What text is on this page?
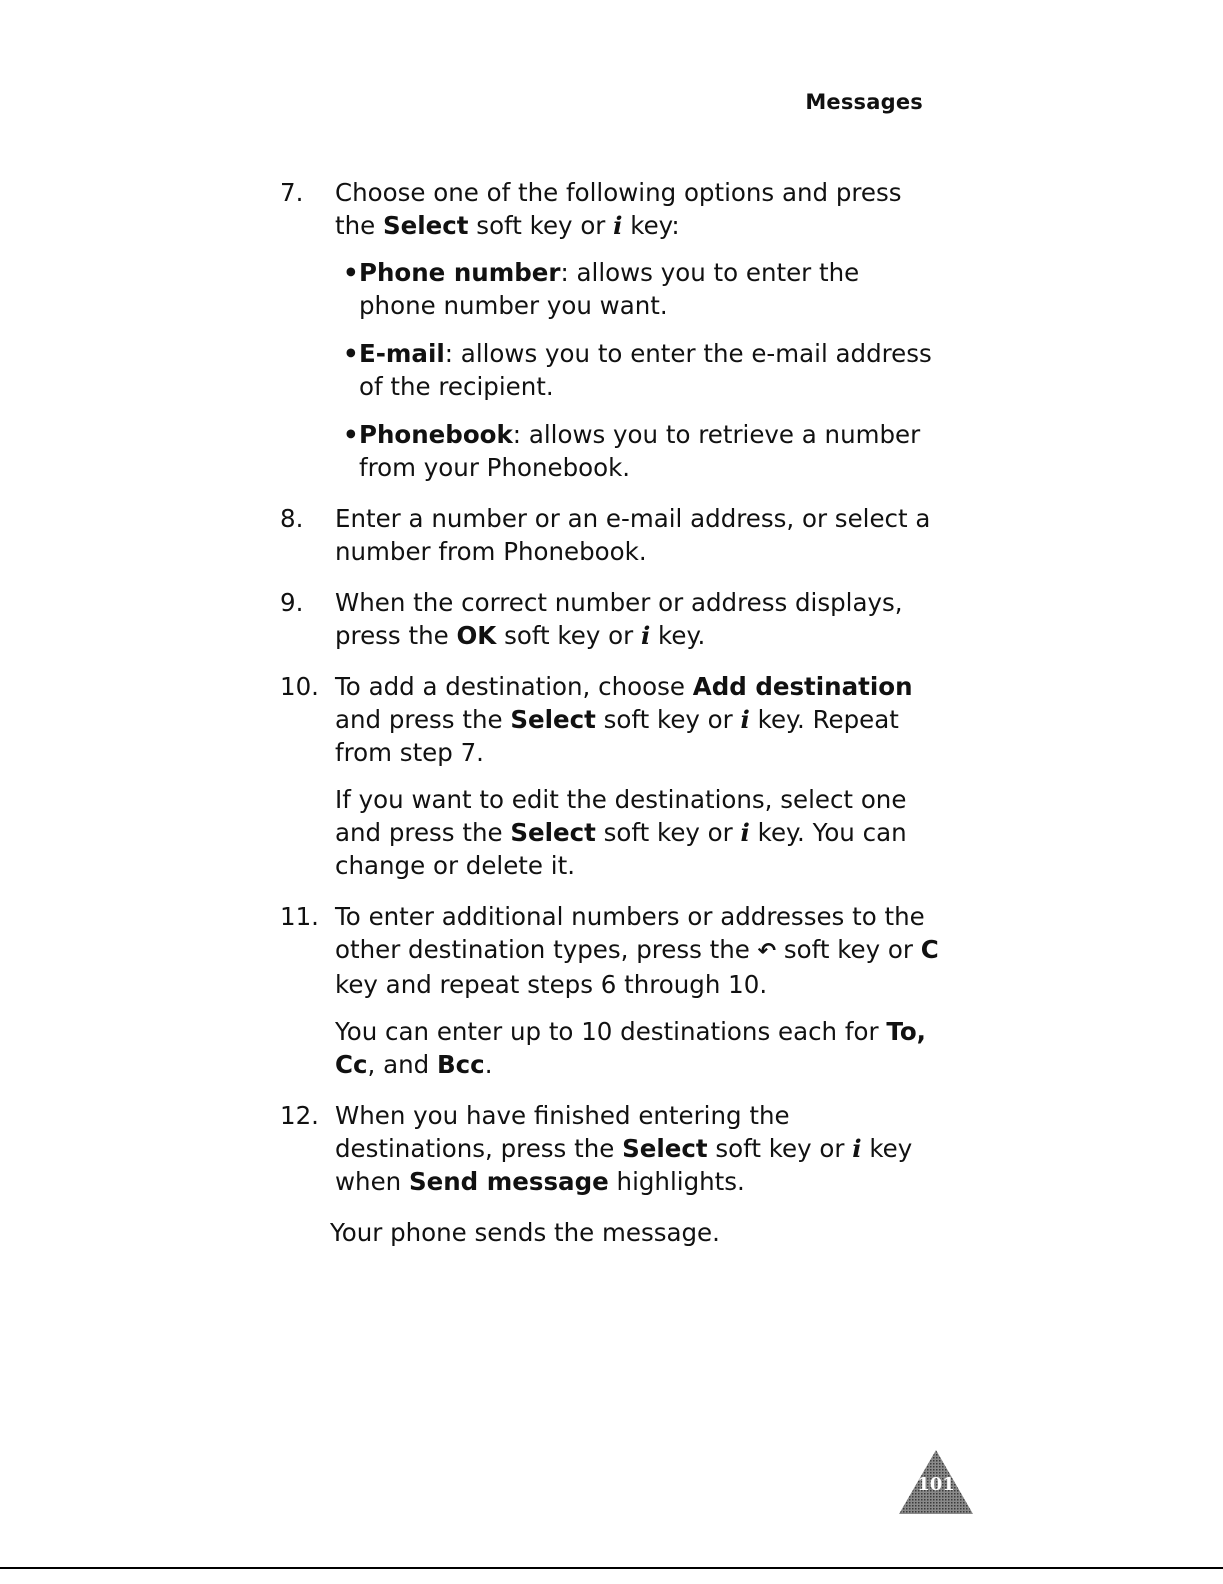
Messages
7. Choose one of the following options and press
the Select soft key or i key:
• Phone number: allows you to enter the phone number you want.
• E-mail: allows you to enter the e-mail address of the recipient.
• Phonebook: allows you to retrieve a number from your Phonebook.
8. Enter a number or an e-mail address, or select a number from Phonebook.
9. When the correct number or address displays, press the OK soft key or i key.
10. To add a destination, choose Add destination and press the Select soft key or i key. Repeat from step 7.
If you want to edit the destinations, select one and press the Select soft key or i key. You can change or delete it.
11. To enter additional numbers or addresses to the other destination types, press the ↶ soft key or C key and repeat steps 6 through 10.
You can enter up to 10 destinations each for To, Cc, and Bcc.
12. When you have finished entering the destinations, press the Select soft key or i key when Send message highlights.
Your phone sends the message.
101
